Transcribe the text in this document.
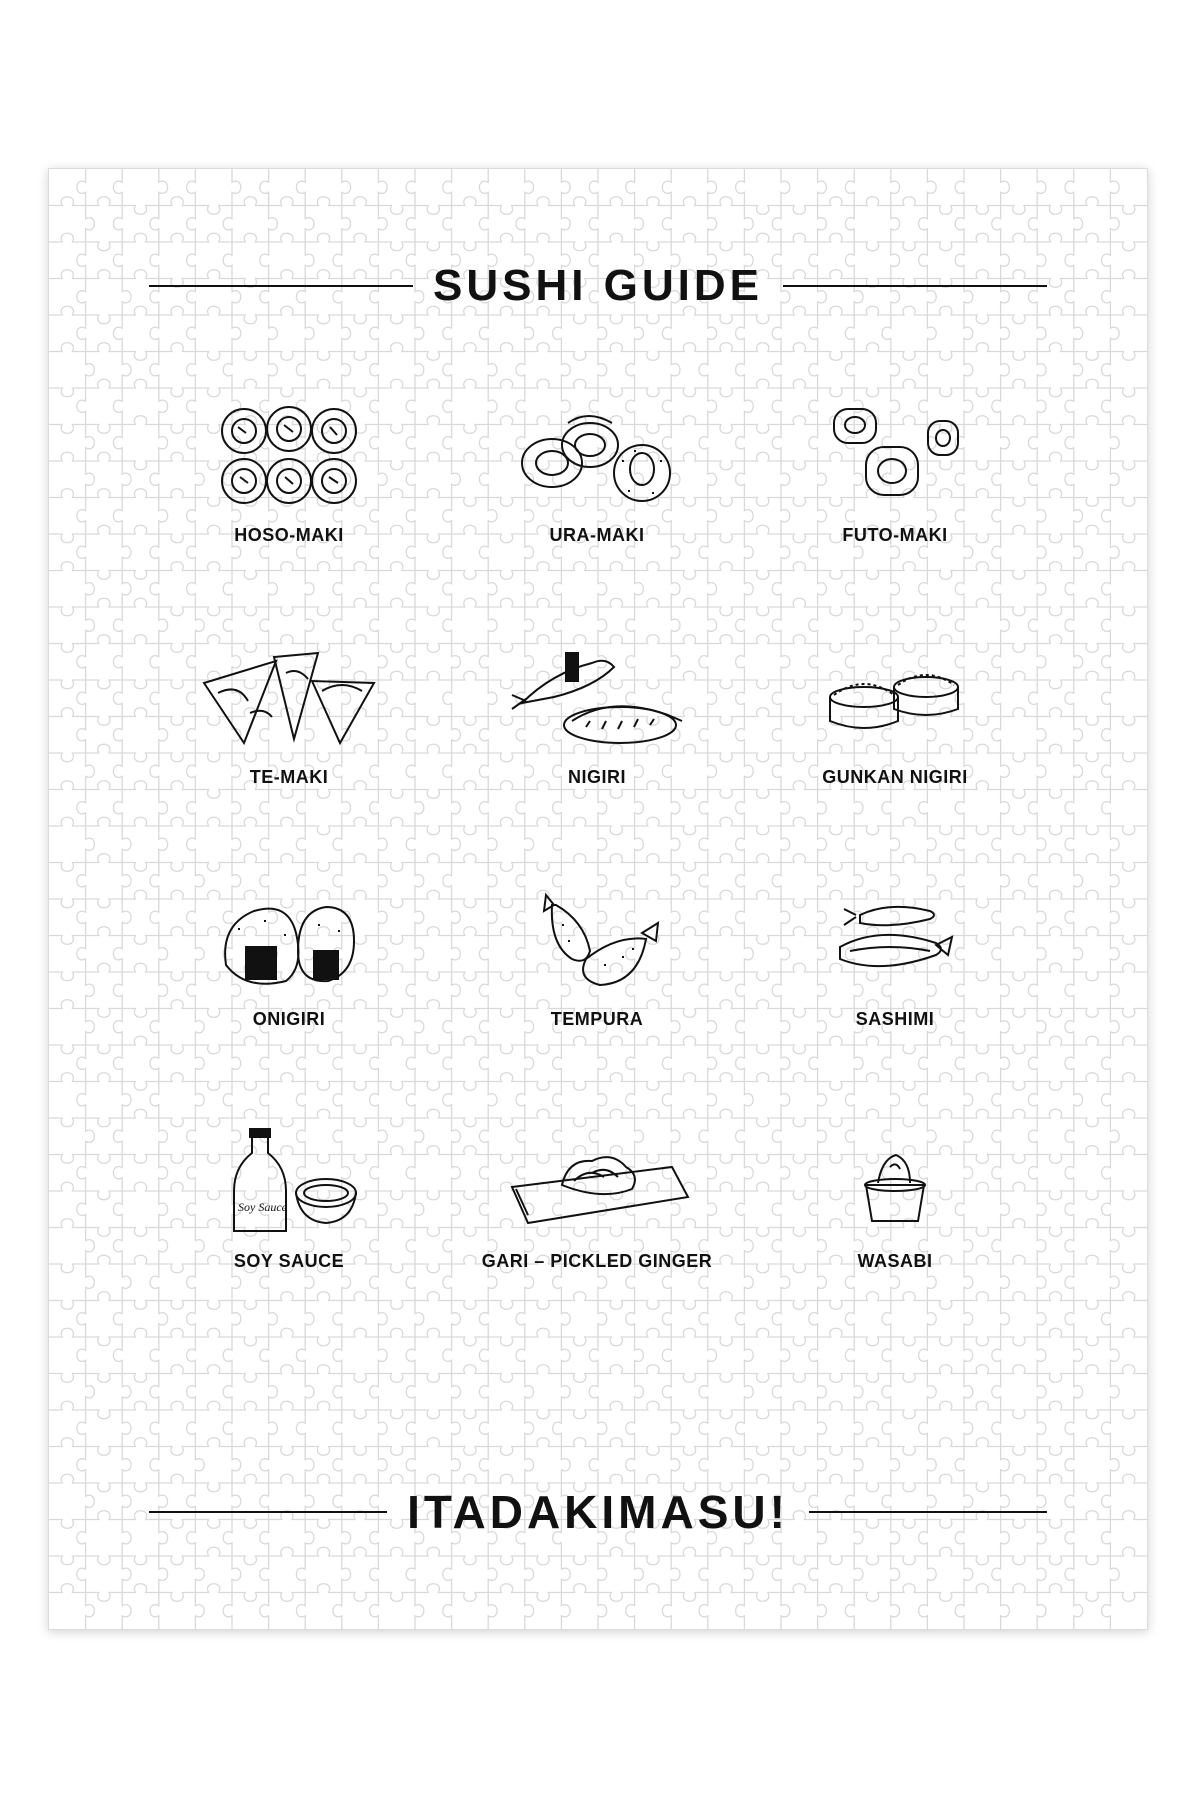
SUSHI GUIDE
HOSO-MAKI	URA-MAKI	FUTO-MAKI
TE-MAKI	NIGIRI	GUNKAN NIGIRI
ONIGIRI	TEMPURA	SASHIMI
Soy Sauce
SOY SAUCE	GARI – PICKLED GINGER	WASABI
ITADAKIMASU!
